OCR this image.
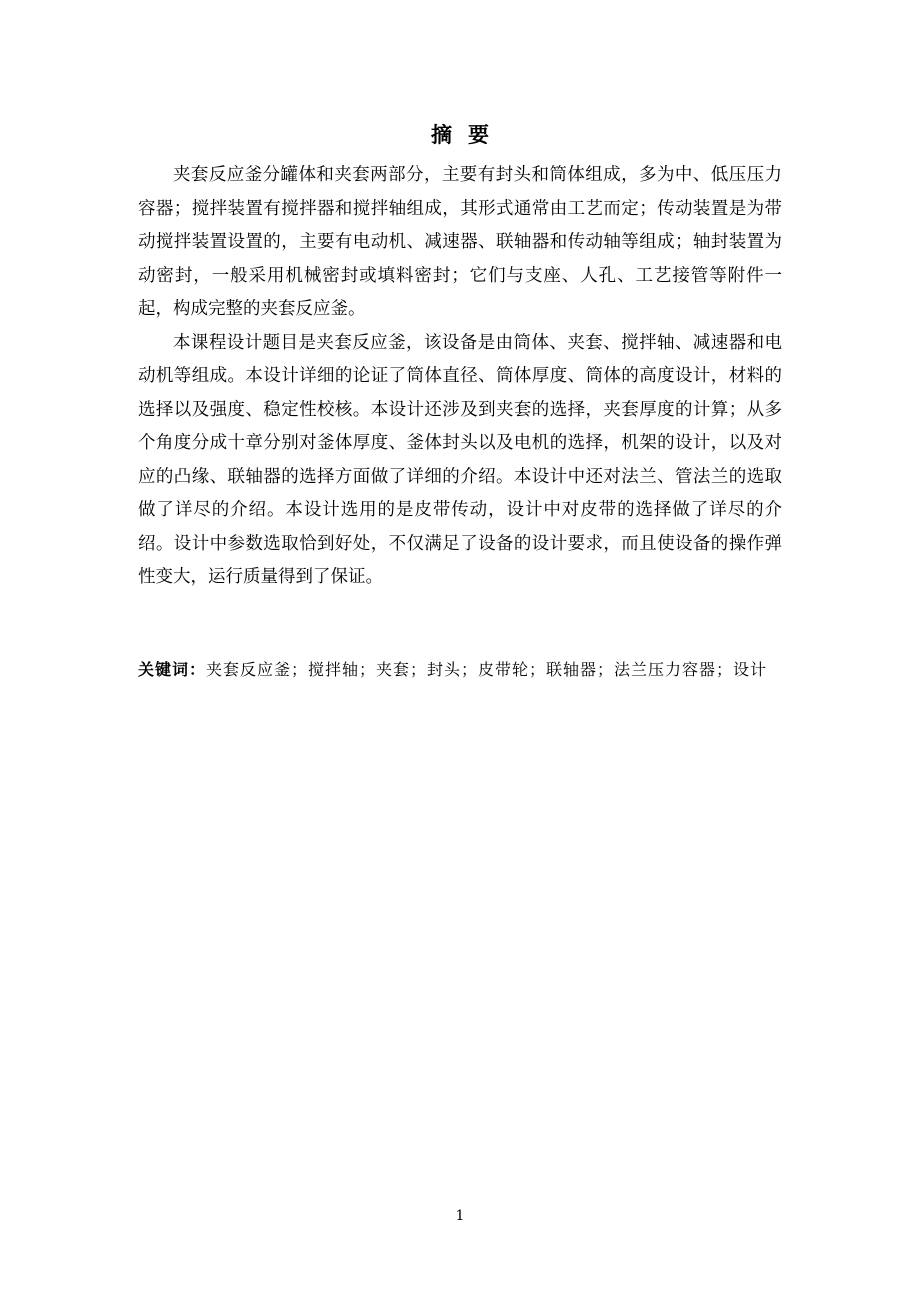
摘要

夹套反应釜分罐体和夹套两部分，主要有封头和筒体组成，多为中、低压压力容器；搅拌装置有搅拌器和搅拌轴组成，其形式通常由工艺而定；传动装置是为带动搅拌装置设置的，主要有电动机、减速器、联轴器和传动轴等组成；轴封装置为动密封，一般采用机械密封或填料密封；它们与支座、人孔、工艺接管等附件一起，构成完整的夹套反应釜。

本课程设计题目是夹套反应釜，该设备是由筒体、夹套、搅拌轴、减速器和电动机等组成。本设计详细的论证了筒体直径、筒体厚度、筒体的高度设计，材料的选择以及强度、稳定性校核。本设计还涉及到夹套的选择，夹套厚度的计算；从多个角度分成十章分别对釜体厚度、釜体封头以及电机的选择，机架的设计，以及对应的凸缘、联轴器的选择方面做了详细的介绍。本设计中还对法兰、管法兰的选取做了详尽的介绍。本设计选用的是皮带传动，设计中对皮带的选择做了详尽的介绍。设计中参数选取恰到好处，不仅满足了设备的设计要求，而且使设备的操作弹性变大，运行质量得到了保证。

关键词：夹套反应釜；搅拌轴；夹套；封头；皮带轮；联轴器；法兰压力容器；设计

1
